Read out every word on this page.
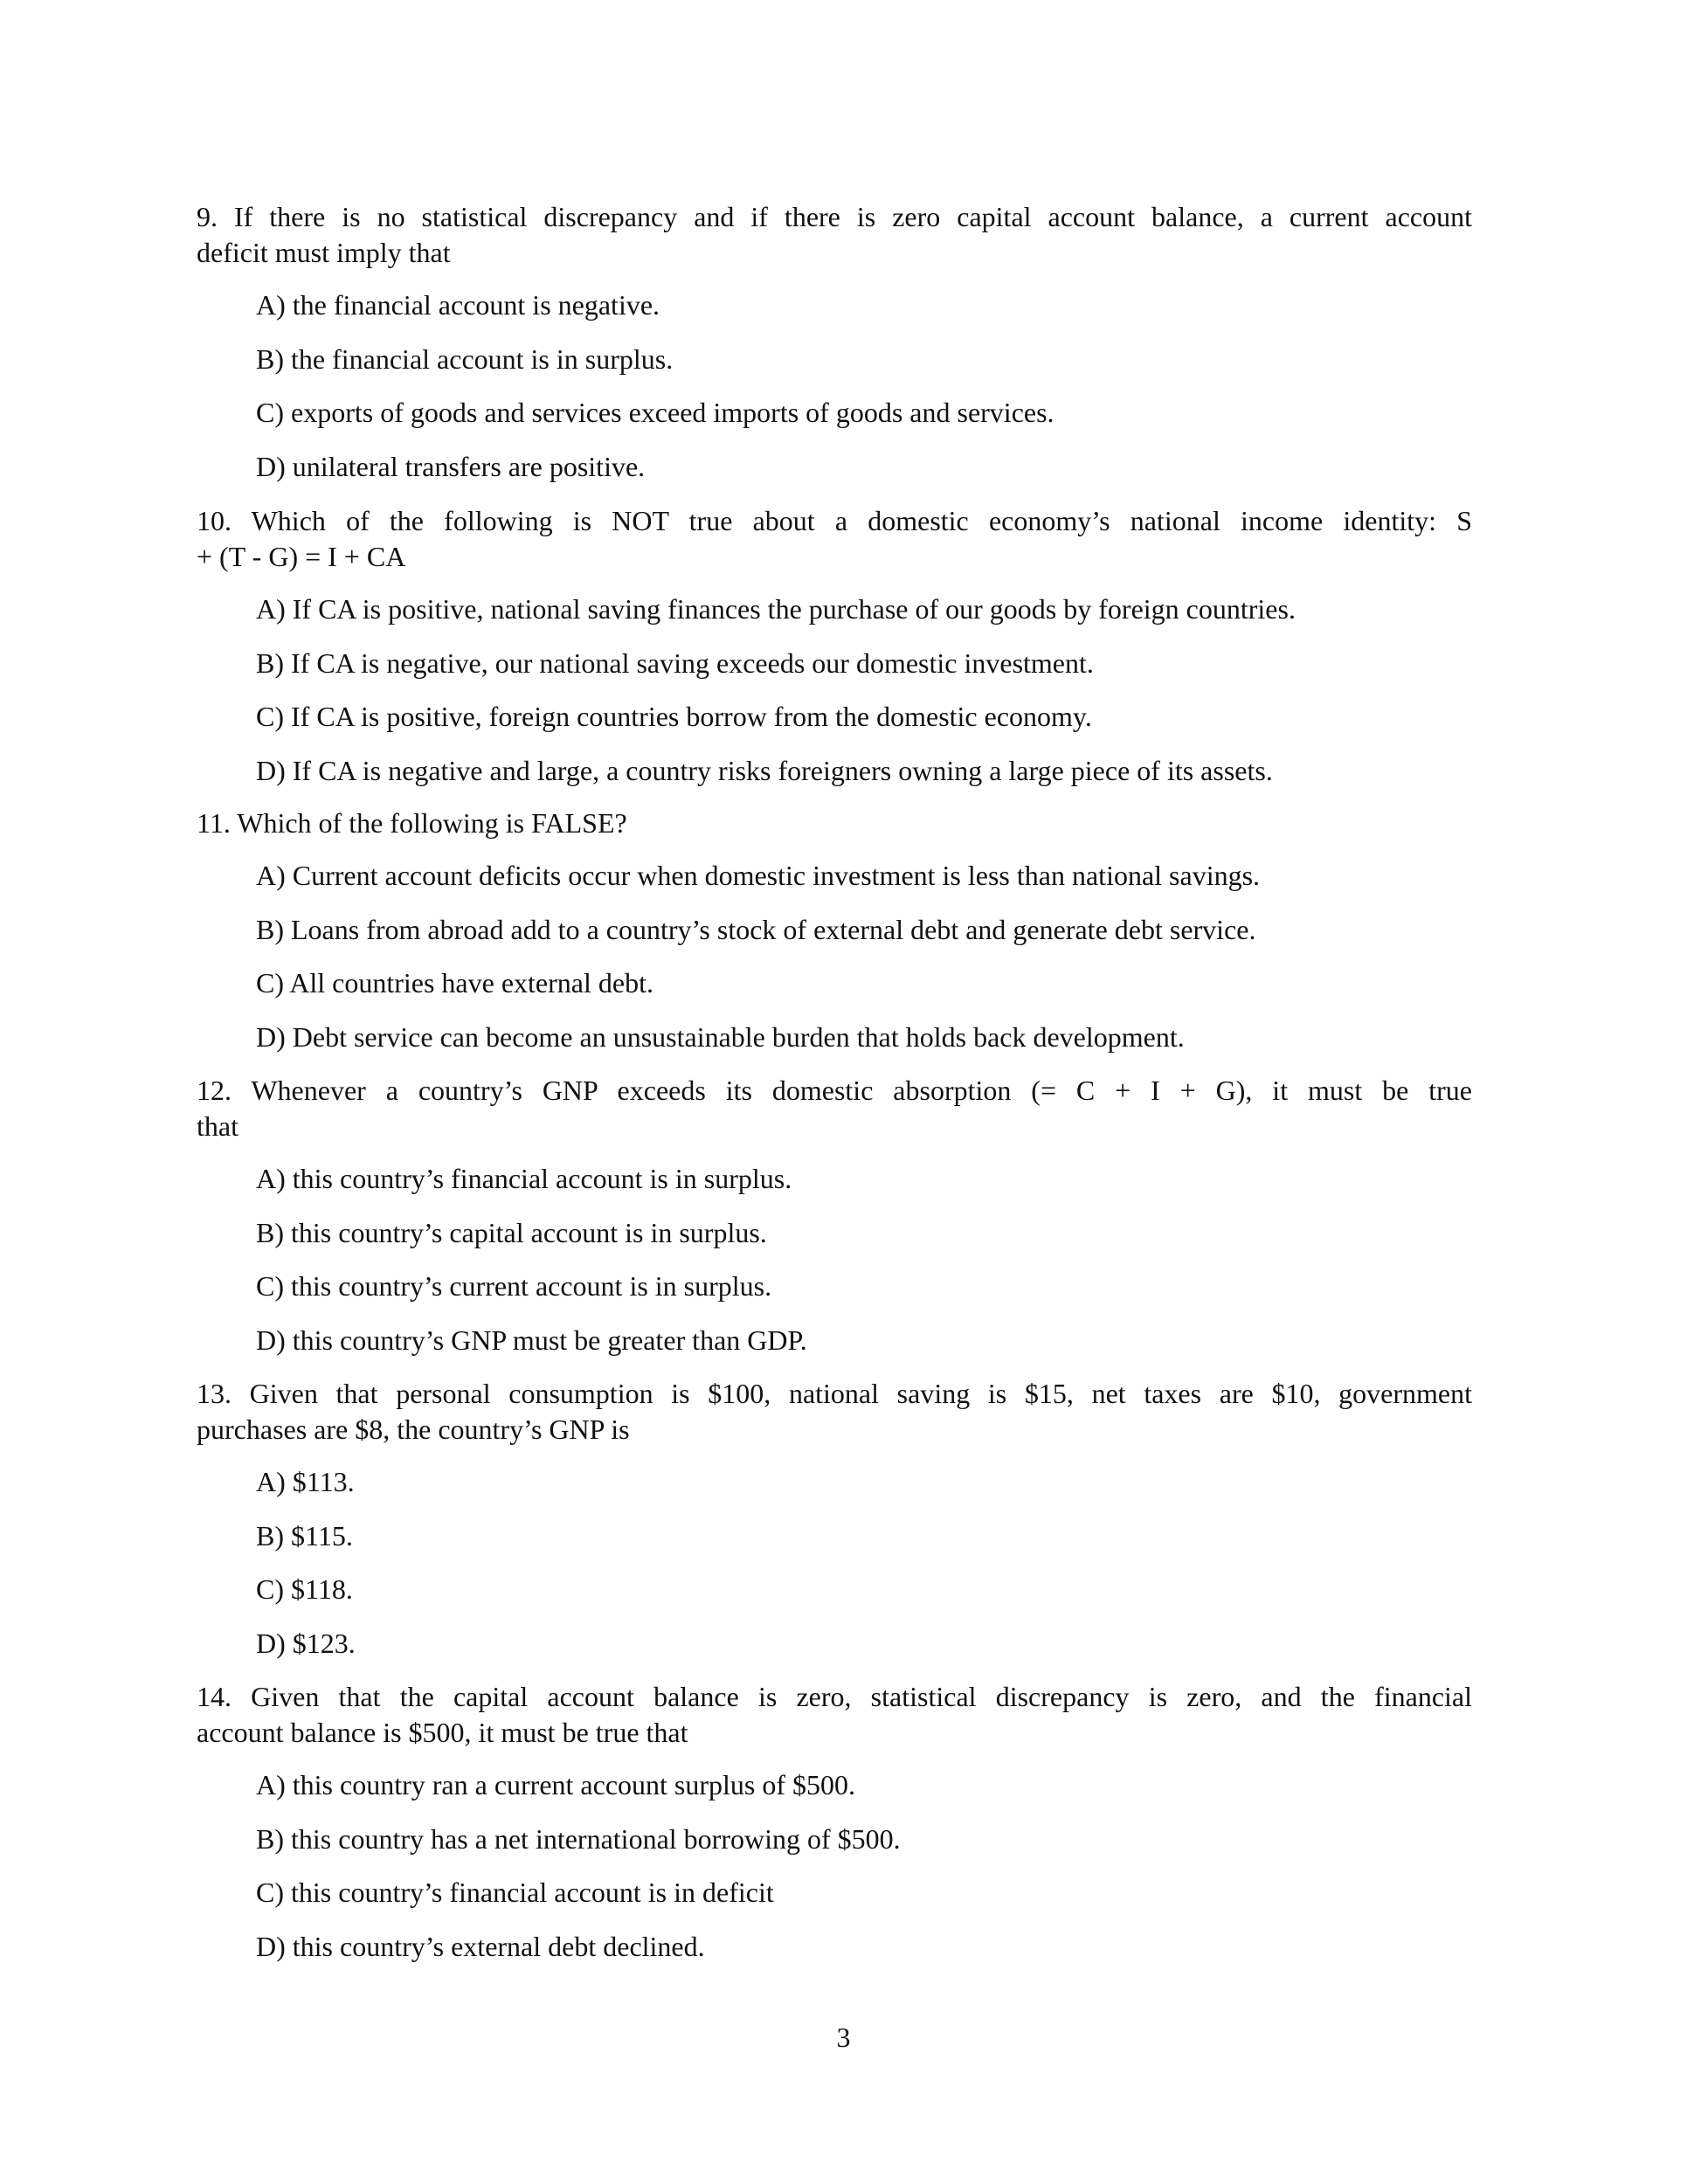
9. If there is no statistical discrepancy and if there is zero capital account balance, a current account
deficit must imply that
A) the financial account is negative.
B) the financial account is in surplus.
C) exports of goods and services exceed imports of goods and services.
D) unilateral transfers are positive.
10. Which of the following is NOT true about a domestic economy’s national income identity: S
+ (T - G) = I + CA
A) If CA is positive, national saving finances the purchase of our goods by foreign countries.
B) If CA is negative, our national saving exceeds our domestic investment.
C) If CA is positive, foreign countries borrow from the domestic economy.
D) If CA is negative and large, a country risks foreigners owning a large piece of its assets.
11. Which of the following is FALSE?
A) Current account deficits occur when domestic investment is less than national savings.
B) Loans from abroad add to a country’s stock of external debt and generate debt service.
C) All countries have external debt.
D) Debt service can become an unsustainable burden that holds back development.
12. Whenever a country’s GNP exceeds its domestic absorption (= C + I + G), it must be true
that
A) this country’s financial account is in surplus.
B) this country’s capital account is in surplus.
C) this country’s current account is in surplus.
D) this country’s GNP must be greater than GDP.
13. Given that personal consumption is $100, national saving is $15, net taxes are $10, government
purchases are $8, the country’s GNP is
A) $113.
B) $115.
C) $118.
D) $123.
14. Given that the capital account balance is zero, statistical discrepancy is zero, and the financial
account balance is $500, it must be true that
A) this country ran a current account surplus of $500.
B) this country has a net international borrowing of $500.
C) this country’s financial account is in deficit
D) this country’s external debt declined.
3
